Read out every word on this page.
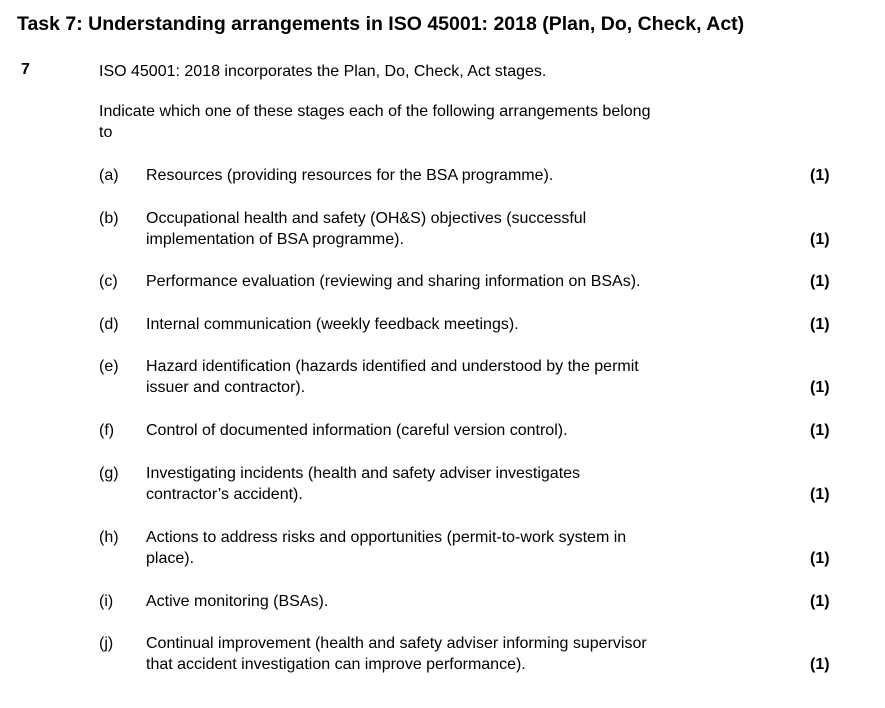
Task 7: Understanding arrangements in ISO 45001: 2018 (Plan, Do, Check, Act)
7	ISO 45001: 2018 incorporates the Plan, Do, Check, Act stages.
Indicate which one of these stages each of the following arrangements belong
to
(a) Resources (providing resources for the BSA programme).	(1)
(b) Occupational health and safety (OH&S) objectives (successful
implementation of BSA programme).	(1)
(c) Performance evaluation (reviewing and sharing information on BSAs).	(1)
(d) Internal communication (weekly feedback meetings).	(1)
(e) Hazard identification (hazards identified and understood by the permit
issuer and contractor).	(1)
(f) Control of documented information (careful version control).	(1)
(g) Investigating incidents (health and safety adviser investigates
contractor’s accident).	(1)
(h) Actions to address risks and opportunities (permit-to-work system in
place).	(1)
(i) Active monitoring (BSAs).	(1)
(j) Continual improvement (health and safety adviser informing supervisor
that accident investigation can improve performance).	(1)
